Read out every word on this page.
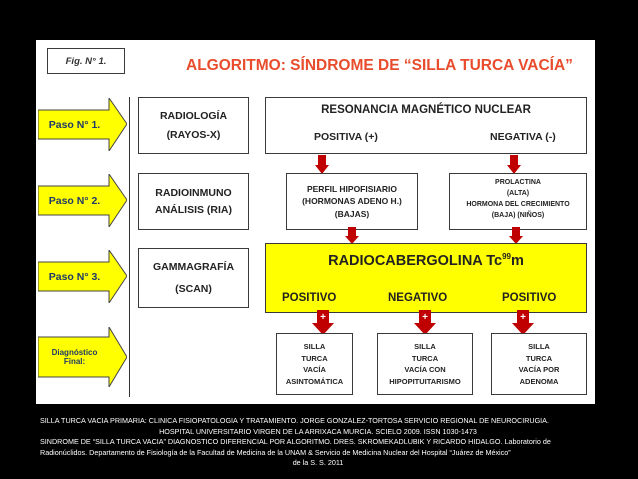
Fig. N° 1.	ALGORITMO: SÍNDROME DE “SILLA TURCA VACÍA”
Paso N° 1.
Paso N° 2.
Paso N° 3.
Diagnóstico
Final:
RADIOLOGÍA
(RAYOS-X)
RADIOINMUNO
ANÁLISIS (RIA)
GAMMAGRAFÍA
(SCAN)
RESONANCIA MAGNÉTICO NUCLEAR
POSITIVA (+)	NEGATIVA (-)
PERFIL HIPOFISIARIO
(HORMONAS ADENO H.)
(BAJAS)
PROLACTINA
(ALTA)
HORMONA DEL CRECIMIENTO
(BAJA) (NIÑOS)
RADIOCABERGOLINA Tc$^{99}$m
POSITIVO	NEGATIVO	POSITIVO
+	+	+
SILLA
TURCA
VACÍA
ASINTOMÁTICA
SILLA
TURCA
VACÍA CON
HIPOPITUITARISMO
SILLA
TURCA
VACÍA POR
ADENOMA
SILLA TURCA VACIA PRIMARIA: CLINICA FISIOPATOLOGIA Y TRATAMIENTO. JORGE GONZALEZ-TORTOSA SERVICIO REGIONAL DE NEUROCIRUGIA.
HOSPITAL UNIVERSITARIO VIRGEN DE LA ARRIXACA MURCIA. SCIELO 2009. ISSN 1030-1473
SINDROME DE “SILLA TURCA VACIA” DIAGNOSTICO DIFERENCIAL POR ALGORITMO. DRES. SKROMEKADLUBIK Y RICARDO HIDALGO. Laboratorio de
Radionúclidos. Departamento de Fisiología de la Facultad de Medicina de la UNAM & Servicio de Medicina Nuclear del Hospital “Juárez de México”
de la S. S. 2011
